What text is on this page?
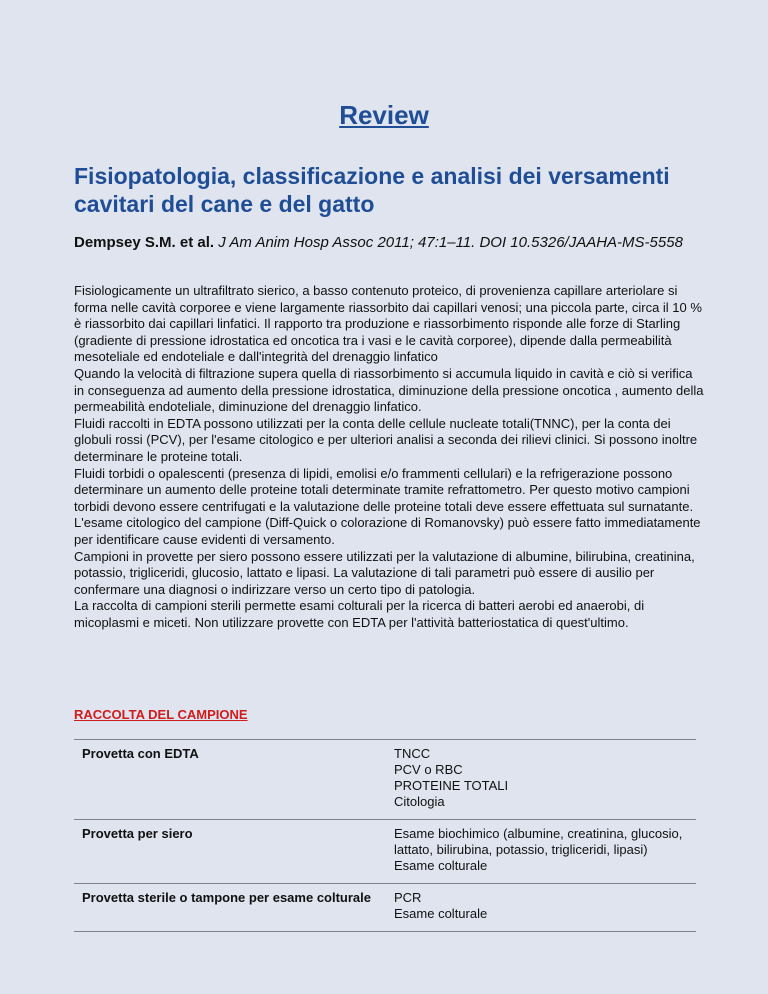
Review
Fisiopatologia, classificazione e analisi dei versamenti cavitari del cane e del gatto
Dempsey S.M. et al. J Am Anim Hosp Assoc 2011; 47:1–11. DOI 10.5326/JAAHA-MS-5558

Fisiologicamente un ultrafiltrato sierico, a basso contenuto proteico, di provenienza capillare arteriolare si forma nelle cavità corporee e viene largamente riassorbito dai capillari venosi; una piccola parte, circa il 10 % è riassorbito dai capillari linfatici. Il rapporto tra produzione e riassorbimento risponde alle forze di Starling (gradiente di pressione idrostatica ed oncotica tra i vasi e le cavità corporee), dipende dalla permeabilità mesoteliale ed endoteliale e dall'integrità del drenaggio linfatico

Quando la velocità di filtrazione supera quella di riassorbimento si accumula liquido in cavità e ciò si verifica in conseguenza ad aumento della pressione idrostatica, diminuzione della pressione oncotica , aumento della permeabilità endoteliale, diminuzione del drenaggio linfatico.

Fluidi raccolti in EDTA possono utilizzati per la conta delle cellule nucleate totali(TNNC), per la conta dei globuli rossi (PCV), per l'esame citologico e per ulteriori analisi a seconda dei rilievi clinici. Si possono inoltre determinare le proteine totali.

Fluidi torbidi o opalescenti (presenza di lipidi, emolisi e/o frammenti cellulari) e la refrigerazione possono determinare un aumento delle proteine totali determinate tramite refrattometro. Per questo motivo campioni torbidi devono essere centrifugati e la valutazione delle proteine totali deve essere effettuata sul surnatante.

L'esame citologico del campione (Diff-Quick o colorazione di Romanovsky) può essere fatto immediatamente per identificare cause evidenti di versamento.

Campioni in provette per siero possono essere utilizzati per la valutazione di albumine, bilirubina, creatinina, potassio, trigliceridi, glucosio, lattato e lipasi. La valutazione di tali parametri può essere di ausilio per confermare una diagnosi o indirizzare verso un certo tipo di patologia.

La raccolta di campioni sterili permette esami colturali per la ricerca di batteri aerobi ed anaerobi, di micoplasmi e miceti. Non utilizzare provette con EDTA per l'attività batteriostatica di quest'ultimo.

RACCOLTA DEL CAMPIONE
Provetta con EDTA	TNCC
PCV o RBC
PROTEINE TOTALI
Citologia

Provetta per siero	Esame biochimico (albumine, creatinina, glucosio,
lattato, bilirubina, potassio, trigliceridi, lipasi)
Esame colturale

Provetta sterile o tampone per esame colturale	PCR
Esame colturale
